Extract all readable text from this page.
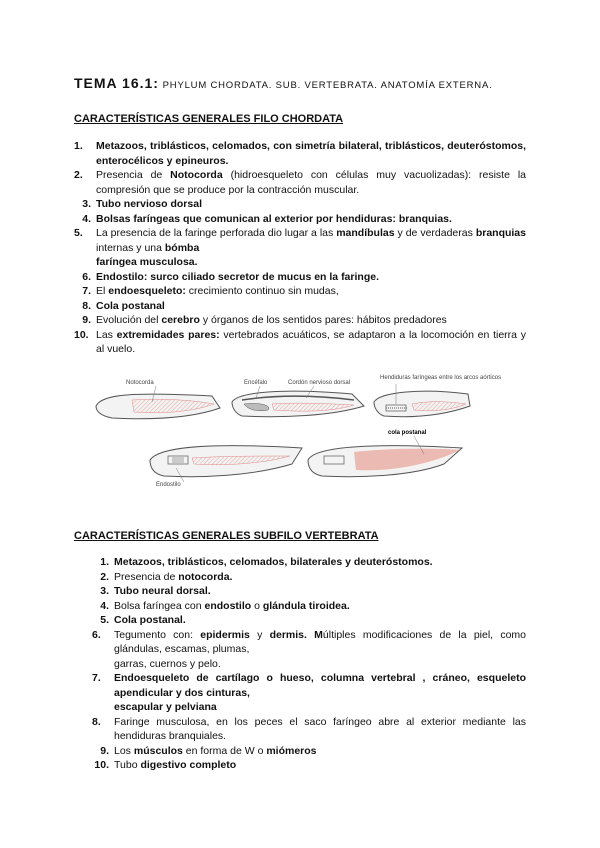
TEMA 16.1: PHYLUM CHORDATA. SUB. VERTEBRATA. ANATOMÍA EXTERNA.
CARACTERÍSTICAS GENERALES FILO CHORDATA
1.	Metazoos, triblásticos, celomados, con simetría bilateral, triblásticos, deuteróstomos, enterocélicos y epineuros.
2.	Presencia de Notocorda (hidroesqueleto con células muy vacuolizadas): resiste la compresión que se produce por la contracción muscular.
3. Tubo nervioso dorsal
4. Bolsas faríngeas que comunican al exterior por hendiduras: branquias.
5.	La presencia de la faringe perforada dio lugar a las mandíbulas y de verdaderas branquias internas y una bómba
faríngea musculosa.
6. Endostilo: surco ciliado secretor de mucus en la faringe.
7. El endoesqueleto: crecimiento continuo sin mudas,
8. Cola postanal
9. Evolución del cerebro y órganos de los sentidos pares: hábitos predadores
10. Las extremidades pares: vertebrados acuáticos, se adaptaron a la locomoción en tierra y al vuelo.
Notocorda	Encéfalo	Cordón nervioso dorsal
Hendiduras faríngeas entre los arcos aórticos
cola postanal
Endostilo
CARACTERÍSTICAS GENERALES SUBFILO VERTEBRATA
1. Metazoos, triblásticos, celomados, bilaterales y deuteróstomos.
2. Presencia de notocorda.
3. Tubo neural dorsal.
4. Bolsa faríngea con endostilo o glándula tiroidea.
5. Cola postanal.
6.	Tegumento con: epidermis y dermis. Múltiples modificaciones de la piel, como glándulas, escamas, plumas,
garras, cuernos y pelo.
7.	Endoesqueleto de cartílago o hueso, columna vertebral , cráneo, esqueleto apendicular y dos cinturas,
escapular y pelviana
8.	Faringe musculosa, en los peces el saco faríngeo abre al exterior mediante las hendiduras branquiales.
9. Los músculos en forma de W o miómeros
10. Tubo digestivo completo
